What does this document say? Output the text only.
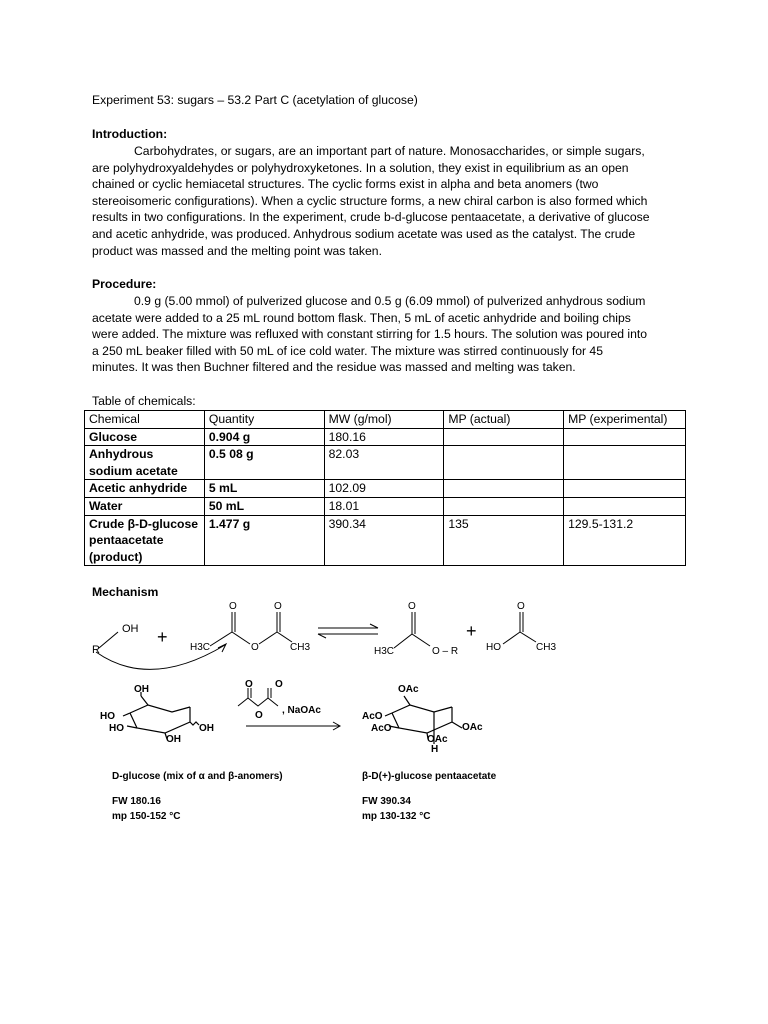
Experiment 53: sugars – 53.2 Part C (acetylation of glucose)
Introduction:

Carbohydrates, or sugars, are an important part of nature. Monosaccharides, or simple sugars,
are polyhydroxyaldehydes or polyhydroxyketones. In a solution, they exist in equilibrium as an open
chained or cyclic hemiacetal structures. The cyclic forms exist in alpha and beta anomers (two
stereoisomeric configurations). When a cyclic structure forms, a new chiral carbon is also formed which
results in two configurations. In the experiment, crude b-d-glucose pentaacetate, a derivative of glucose
and acetic anhydride, was produced. Anhydrous sodium acetate was used as the catalyst. The crude
product was massed and the melting point was taken.

Procedure:

0.9 g (5.00 mmol) of pulverized glucose and 0.5 g (6.09 mmol) of pulverized anhydrous sodium
acetate were added to a 25 mL round bottom flask. Then, 5 mL of acetic anhydride and boiling chips
were added. The mixture was refluxed with constant stirring for 1.5 hours. The solution was poured into
a 250 mL beaker filled with 50 mL of ice cold water. The mixture was stirred continuously for 45
minutes. It was then Buchner filtered and the residue was massed and melting was taken.

Table of chemicals:
Chemical	Quantity	MW (g/mol)	MP (actual)	MP (experimental)
Glucose	0.904 g	180.16		
Anhydrous sodium acetate	0.5 08 g	82.03		
Acetic anhydride	5 mL	102.09		
Water	50 mL	18.01		
Crude β-D-glucose pentaacetate (product)	1.477 g	390.34	135	129.5-131.2
Mechanism
R
OH +
H3C
O
O
O
CH3	H3C
O
O – R
+
HO
O
CH3
OH
HO
HO
OH
OH
O O
O , NaOAc
OAc
AcO
AcO
OAc
OAc
H
D-glucose (mix of α and β-anomers)
FW 180.16
mp 150-152 °C
β-D(+)-glucose pentaacetate
FW 390.34
mp 130-132 °C
